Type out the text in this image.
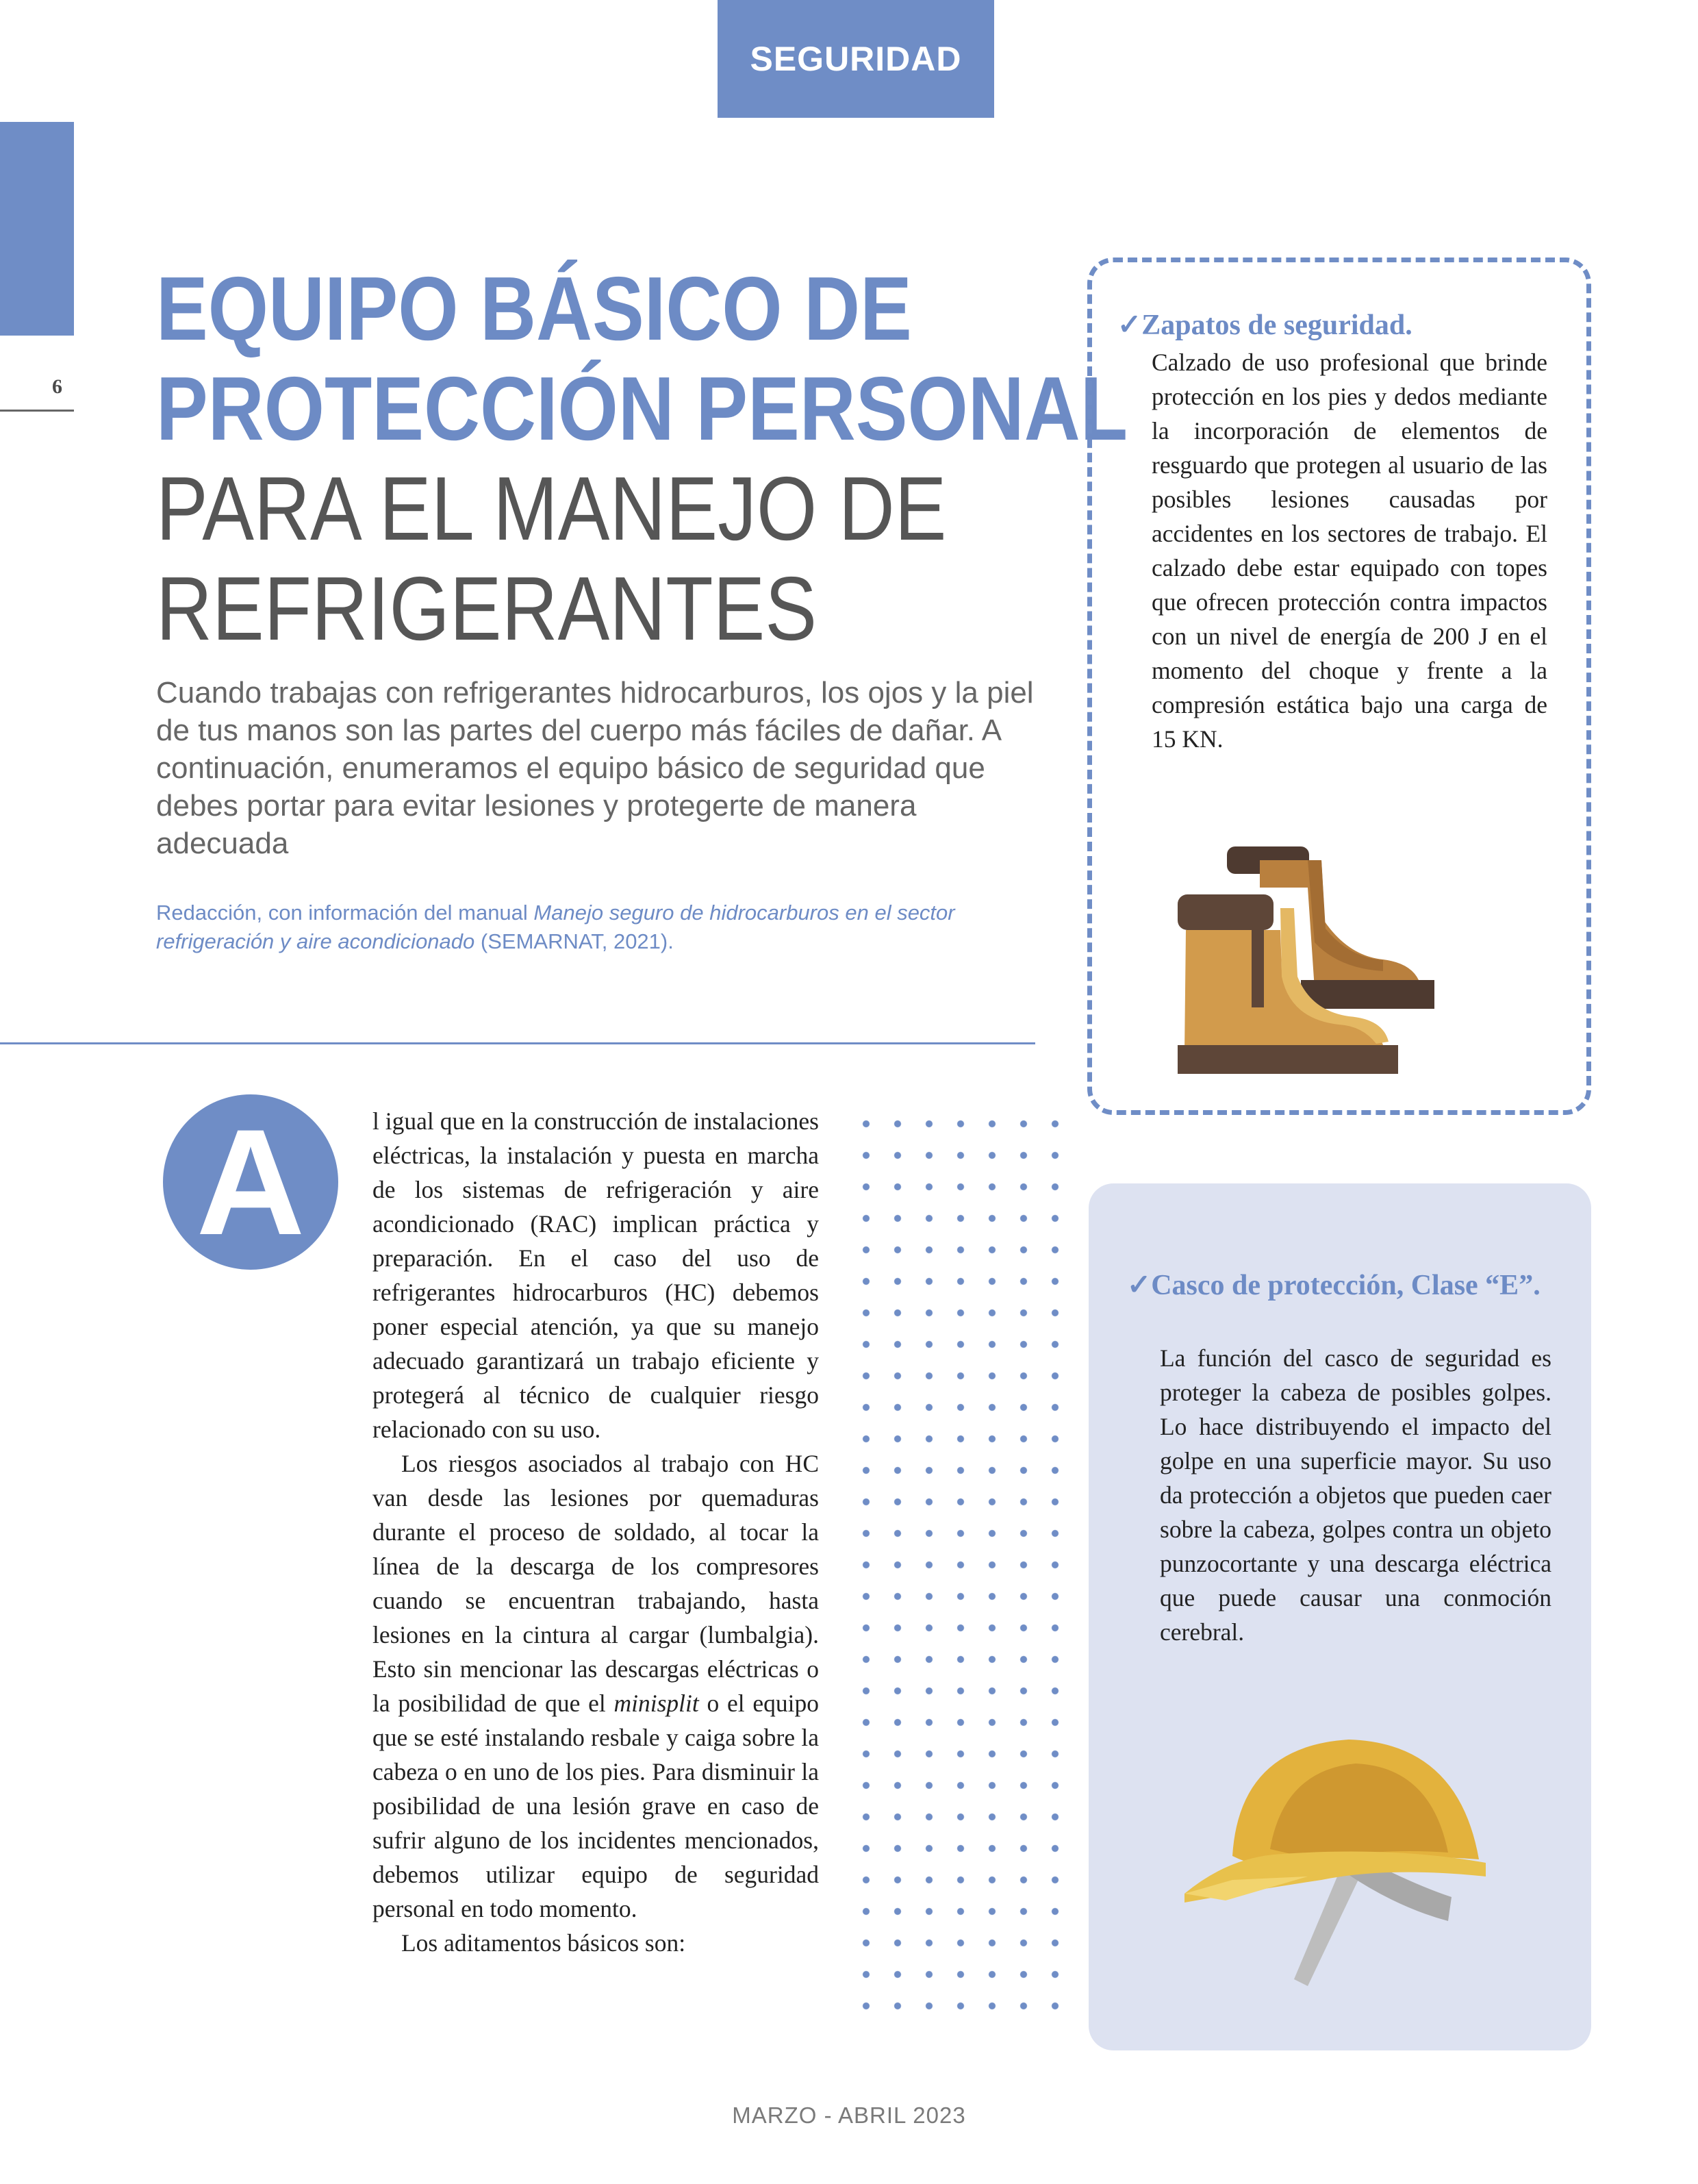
SEGURIDAD
6
EQUIPO BÁSICO DE
PROTECCIÓN PERSONAL
PARA EL MANEJO DE
REFRIGERANTES
Cuando trabajas con refrigerantes hidrocarburos, los ojos y la piel de tus manos son las partes del cuerpo más fáciles de dañar. A continuación, enumeramos el equipo básico de seguridad que debes portar para evitar lesiones y protegerte de manera adecuada
Redacción, con información del manual Manejo seguro de hidrocarburos en el sector refrigeración y aire acondicionado (SEMARNAT, 2021).
A	l igual que en la construcción de instalaciones eléctricas, la instalación y puesta en marcha de los sistemas de refrigeración y aire acondicionado (RAC) implican práctica y preparación. En el caso del uso de refrigerantes hidrocarburos (HC) debemos poner especial atención, ya que su manejo adecuado garantizará un trabajo eficiente y protegerá al técnico de cualquier riesgo relacionado con su uso.

Los riesgos asociados al trabajo con HC van desde las lesiones por quemaduras durante el proceso de soldado, al tocar la línea de la descarga de los compresores cuando se encuentran trabajando, hasta lesiones en la cintura al cargar (lumbalgia). Esto sin mencionar las descargas eléctricas o la posibilidad de que el minisplit o el equipo que se esté instalando resbale y caiga sobre la cabeza o en uno de los pies. Para disminuir la posibilidad de una lesión grave en caso de sufrir alguno de los incidentes mencionados, debemos utilizar equipo de seguridad personal en todo momento.

Los aditamentos básicos son:

✓Zapatos de seguridad.
Calzado de uso profesional que brinde protección en los pies y dedos mediante la incorporación de elementos de resguardo que protegen al usuario de las posibles lesiones causadas por accidentes en los sectores de trabajo. El calzado debe estar equipado con topes que ofrecen protección contra impactos con un nivel de energía de 200 J en el momento del choque y frente a la compresión estática bajo una carga de 15 KN.
✓Casco de protección, Clase “E”.
La función del casco de seguridad es proteger la cabeza de posibles golpes. Lo hace distribuyendo el impacto del golpe en una superficie mayor. Su uso da protección a objetos que pueden caer sobre la cabeza, golpes contra un objeto punzocortante y una descarga eléctrica que puede causar una conmoción cerebral.
MARZO - ABRIL 2023
